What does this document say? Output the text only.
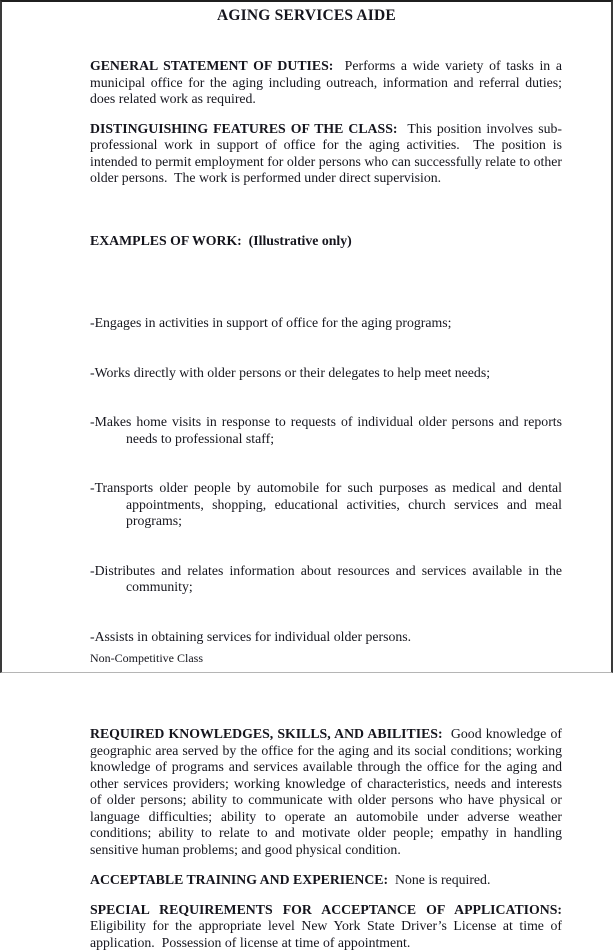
AGING SERVICES AIDE

GENERAL STATEMENT OF DUTIES:  Performs a wide variety of tasks in a municipal office for the aging including outreach, information and referral duties; does related work as required.

DISTINGUISHING FEATURES OF THE CLASS:  This position involves sub-professional work in support of office for the aging activities.  The position is intended to permit employment for older persons who can successfully relate to other older persons.  The work is performed under direct supervision.

EXAMPLES OF WORK:  (Illustrative only)

-Engages in activities in support of office for the aging programs;

-Works directly with older persons or their delegates to help meet needs;

-Makes home visits in response to requests of individual older persons and reports needs to professional staff;

-Transports older people by automobile for such purposes as medical and dental appointments, shopping, educational activities, church services and meal programs;

-Distributes and relates information about resources and services available in the community;

-Assists in obtaining services for individual older persons.

REQUIRED KNOWLEDGES, SKILLS, AND ABILITIES:  Good knowledge of geographic area served by the office for the aging and its social conditions; working knowledge of programs and services available through the office for the aging and other services providers; working knowledge of characteristics, needs and interests of older persons; ability to communicate with older persons who have physical or language difficulties; ability to operate an automobile under adverse weather conditions; ability to relate to and motivate older people; empathy in handling sensitive human problems; and good physical condition.

ACCEPTABLE TRAINING AND EXPERIENCE:  None is required.

SPECIAL REQUIREMENTS FOR ACCEPTANCE OF APPLICATIONS:  Eligibility for the appropriate level New York State Driver’s License at time of application.  Possession of license at time of appointment.

Non-Competitive Class
